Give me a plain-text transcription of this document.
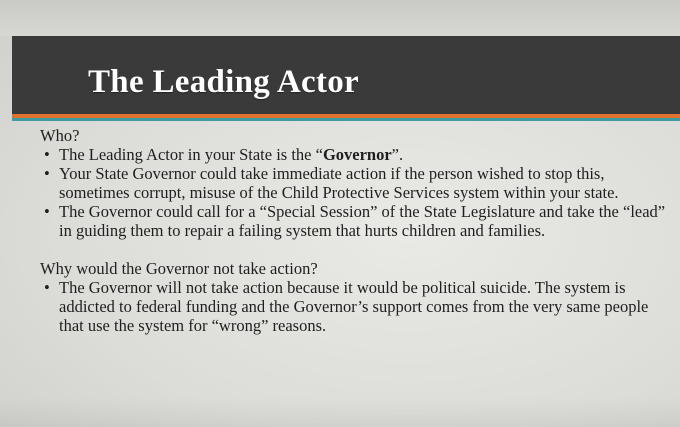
The Leading Actor

Who?

• The Leading Actor in your State is the “Governor”.
• Your State Governor could take immediate action if the person wished to stop this, sometimes corrupt, misuse of the Child Protective Services system within your state.
• The Governor could call for a “Special Session” of the State Legislature and take the “lead” in guiding them to repair a failing system that hurts children and families.

Why would the Governor not take action?

• The Governor will not take action because it would be political suicide. The system is addicted to federal funding and the Governor’s support comes from the very same people that use the system for “wrong” reasons.
